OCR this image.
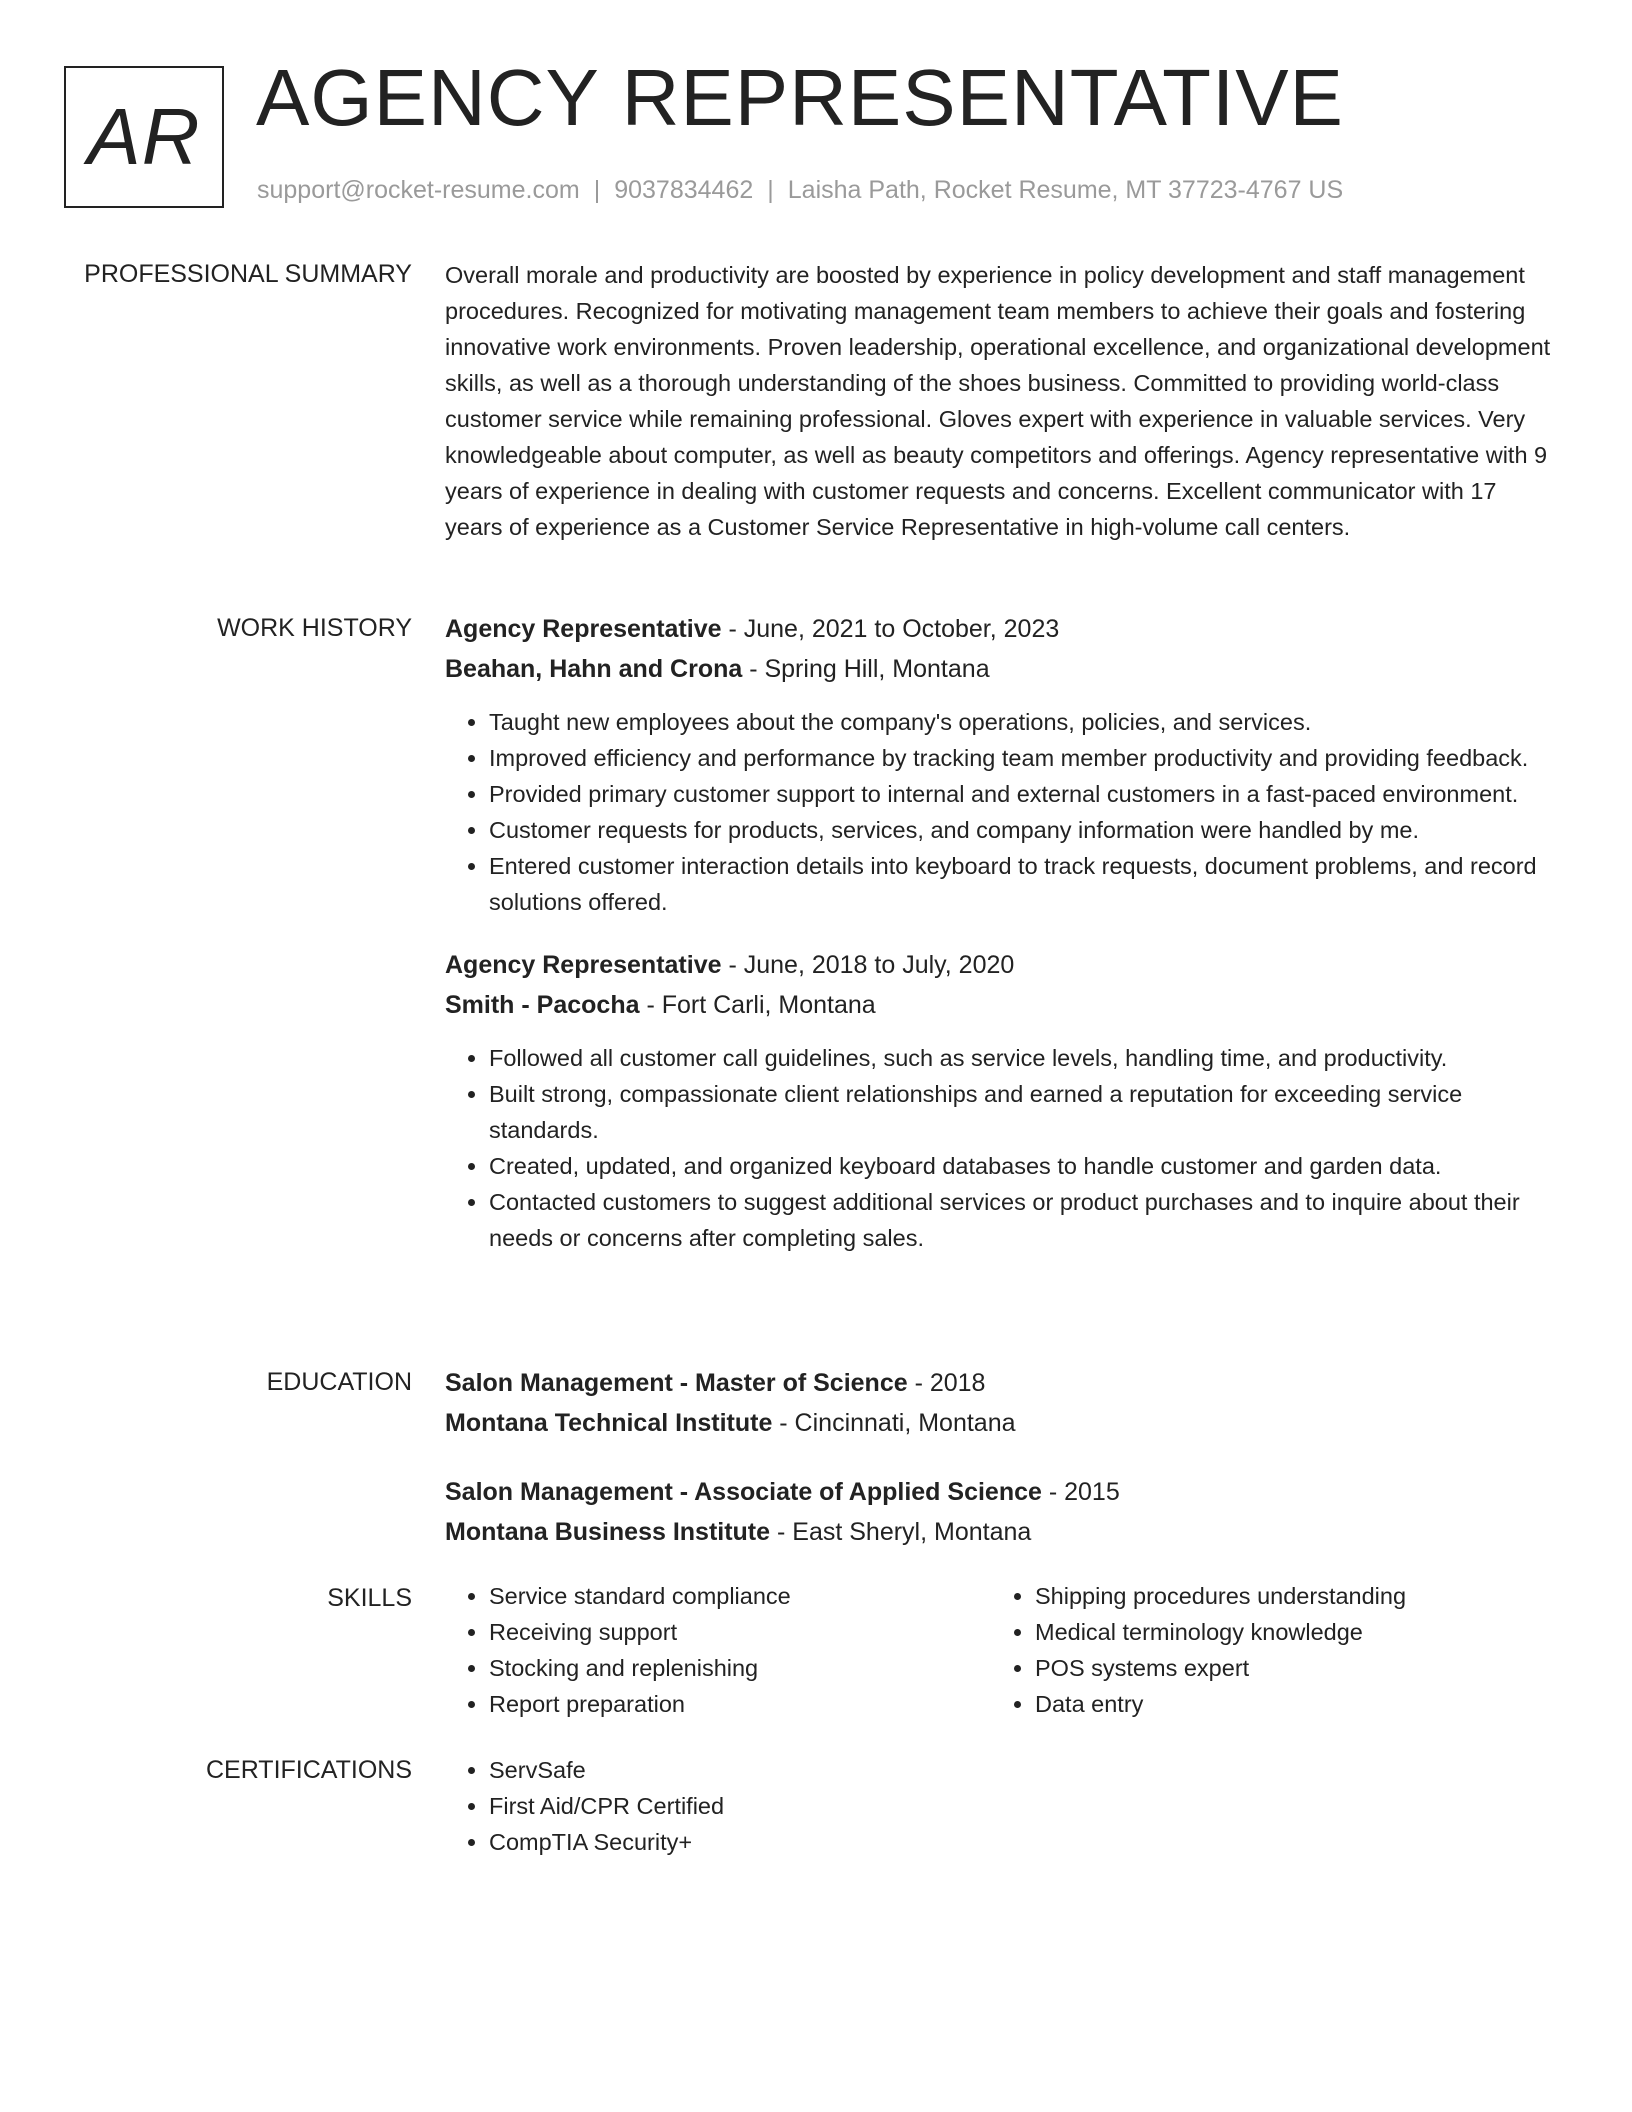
AR AGENCY REPRESENTATIVE
support@rocket-resume.com | 9037834462 | Laisha Path, Rocket Resume, MT 37723-4767 US
PROFESSIONAL SUMMARY Overall morale and productivity are boosted by experience in policy development and staff management procedures. Recognized for motivating management team members to achieve their goals and fostering innovative work environments. Proven leadership, operational excellence, and organizational development skills, as well as a thorough understanding of the shoes business. Committed to providing world-class customer service while remaining professional. Gloves expert with experience in valuable services. Very knowledgeable about computer, as well as beauty competitors and offerings. Agency representative with 9 years of experience in dealing with customer requests and concerns. Excellent communicator with 17 years of experience as a Customer Service Representative in high-volume call centers.

WORK HISTORY Agency Representative - June, 2021 to October, 2023

Beahan, Hahn and Crona - Spring Hill, Montana

• Taught new employees about the company's operations, policies, and services.
• Improved efficiency and performance by tracking team member productivity and providing feedback.
• Provided primary customer support to internal and external customers in a fast-paced environment.
• Customer requests for products, services, and company information were handled by me.
• Entered customer interaction details into keyboard to track requests, document problems, and record solutions offered.

Agency Representative - June, 2018 to July, 2020

Smith - Pacocha - Fort Carli, Montana

• Followed all customer call guidelines, such as service levels, handling time, and productivity.
• Built strong, compassionate client relationships and earned a reputation for exceeding service standards.
• Created, updated, and organized keyboard databases to handle customer and garden data.
• Contacted customers to suggest additional services or product purchases and to inquire about their needs or concerns after completing sales.
EDUCATION Salon Management - Master of Science - 2018

Montana Technical Institute - Cincinnati, Montana

Salon Management - Associate of Applied Science - 2015

Montana Business Institute - East Sheryl, Montana

SKILLS	• Service standard compliance
• Receiving support
• Stocking and replenishing
• Report preparation
• Shipping procedures understanding
• Medical terminology knowledge
• POS systems expert
• Data entry
CERTIFICATIONS	• ServSafe
• First Aid/CPR Certified
• CompTIA Security+
